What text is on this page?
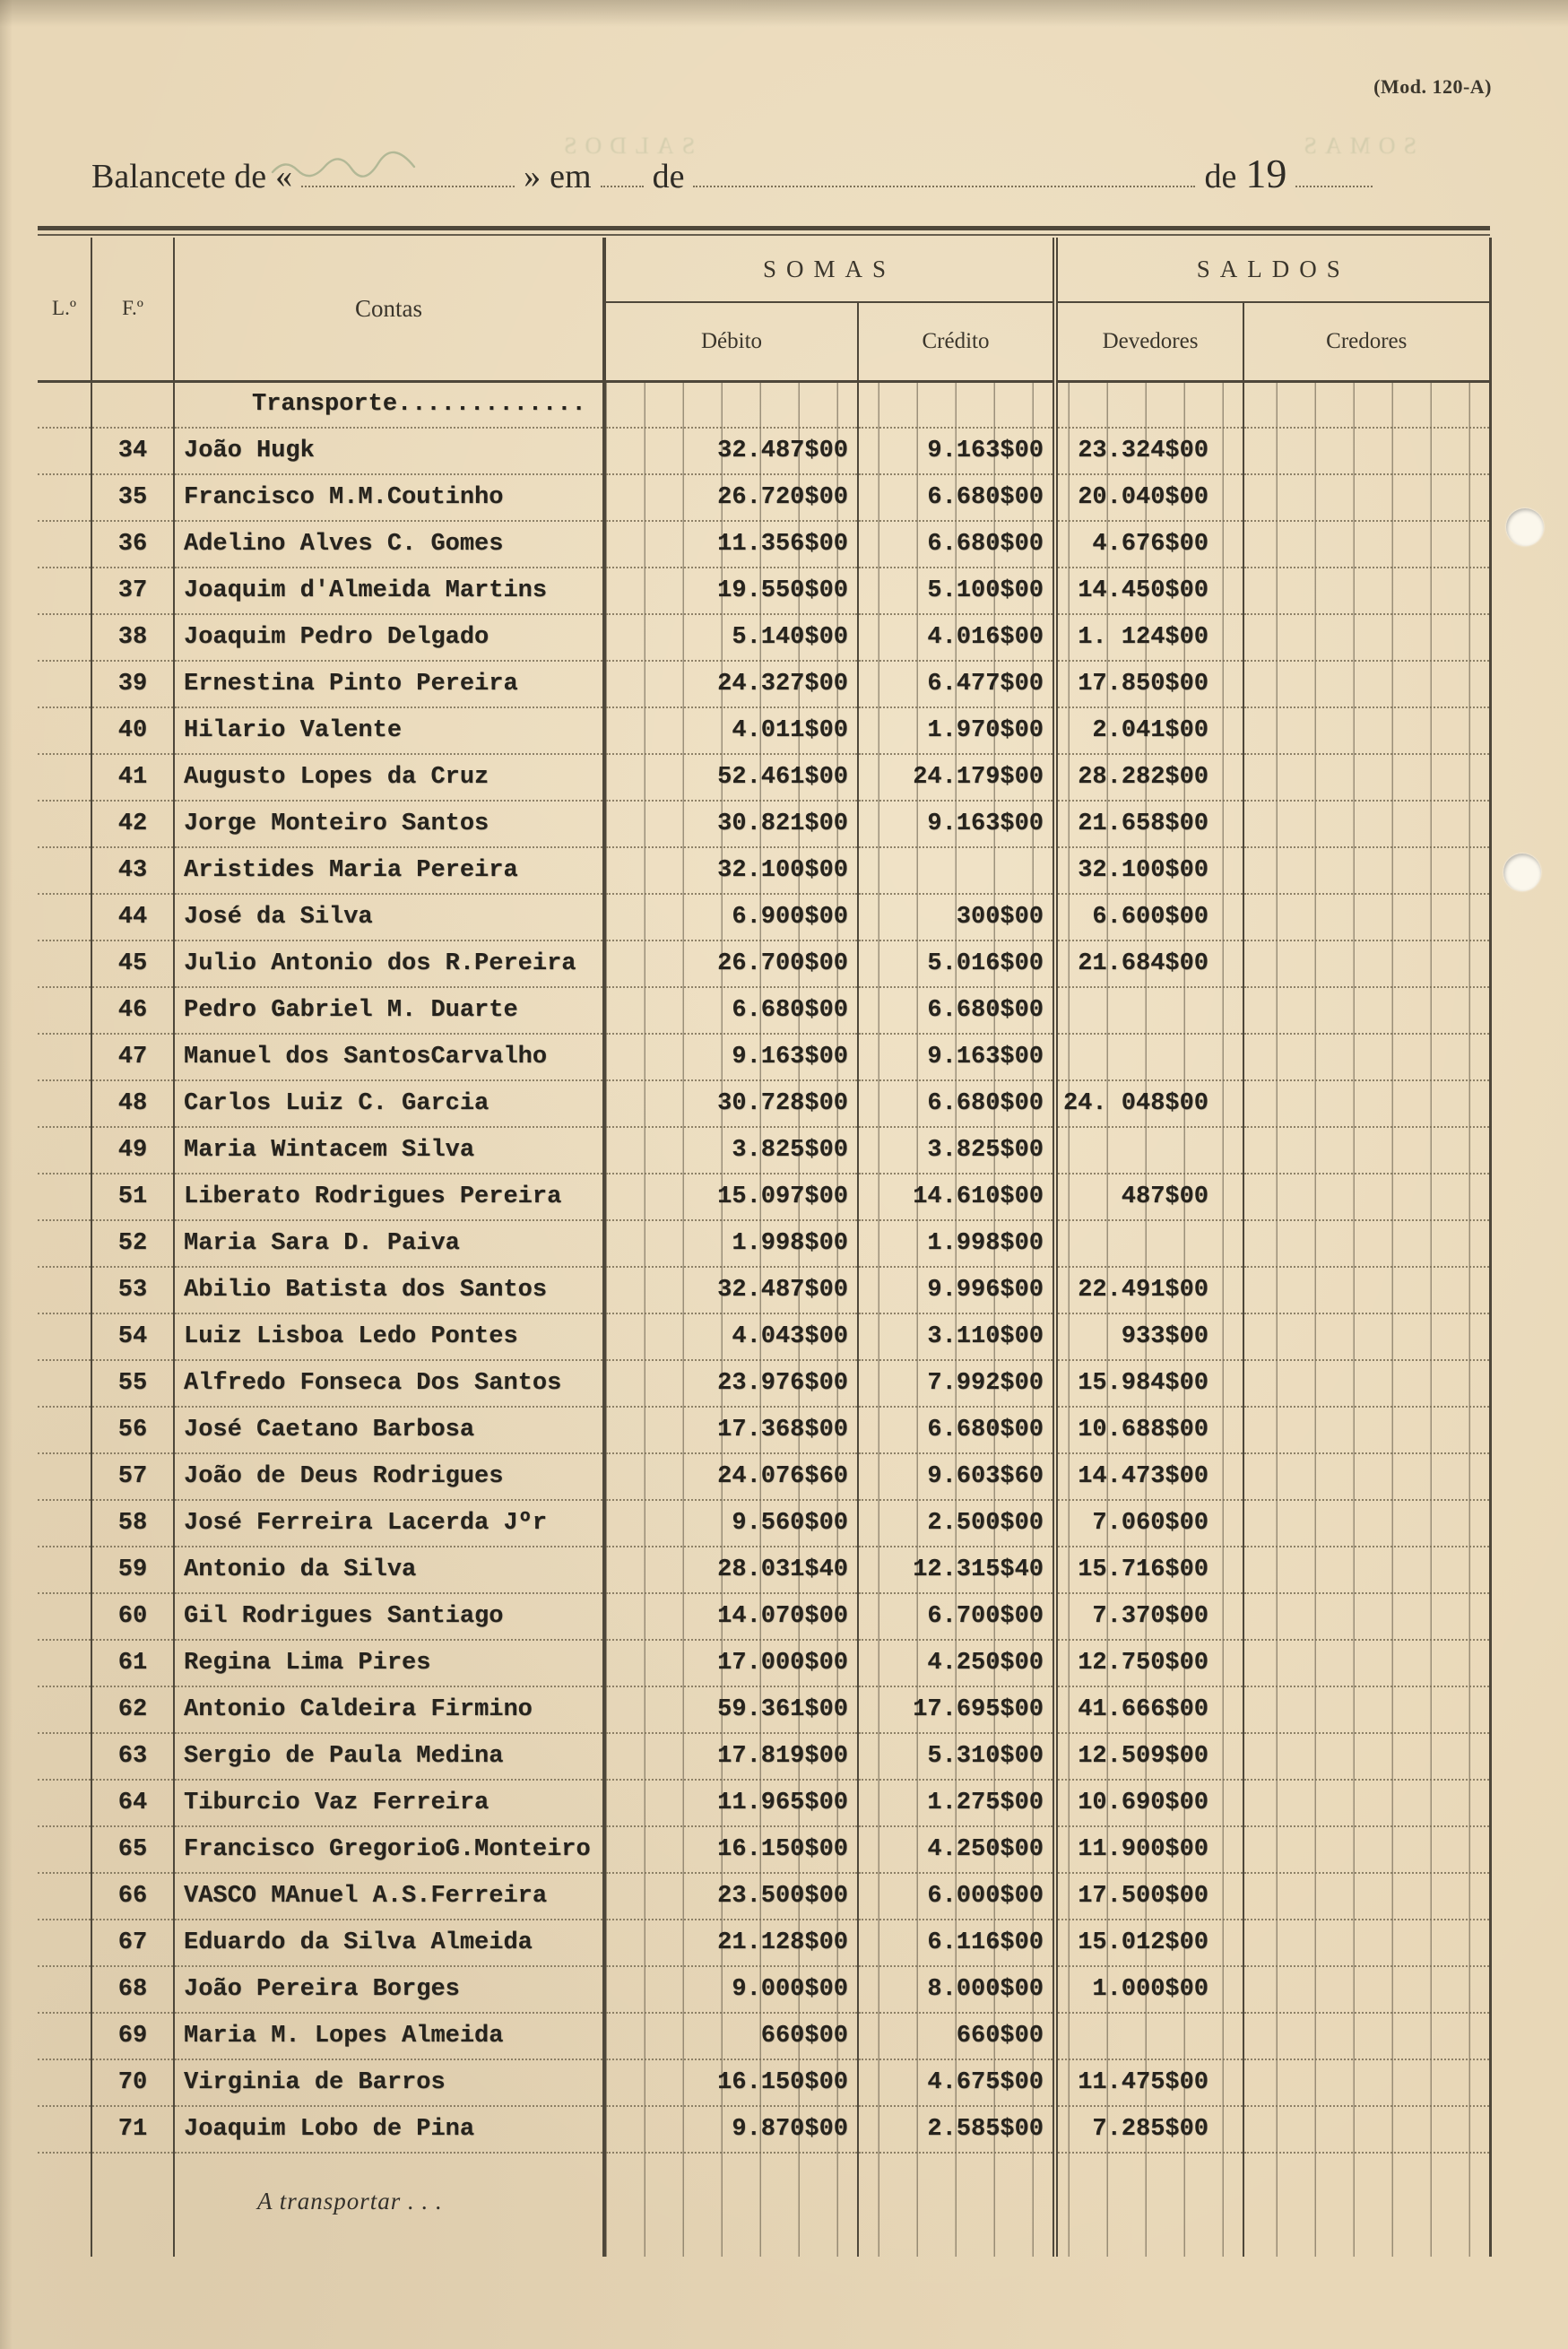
(Mod. 120-A)
SOMAS
SALDOS
Balancete de «	» em de	de 19
L.º	F.º	Contas	SOMAS		SALDOS	
			Débito	Crédito	Devedores	Credores
		Transporte.............				
	34	João Hugk	32.487$00	9.163$00	23.324$00	
	35	Francisco M.M.Coutinho	26.720$00	6.680$00	20.040$00	
	36	Adelino Alves C. Gomes	11.356$00	6.680$00	4.676$00	
	37	Joaquim d'Almeida Martins	19.550$00	5.100$00	14.450$00	
	38	Joaquim Pedro Delgado	5.140$00	4.016$00	1. 124$00	
	39	Ernestina Pinto Pereira	24.327$00	6.477$00	17.850$00	
	40	Hilario Valente	4.011$00	1.970$00	2.041$00	
	41	Augusto Lopes da Cruz	52.461$00	24.179$00	28.282$00	
	42	Jorge Monteiro Santos	30.821$00	9.163$00	21.658$00	
	43	Aristides Maria Pereira	32.100$00		32.100$00	
	44	José da Silva	6.900$00	300$00	6.600$00	
	45	Julio Antonio dos R.Pereira	26.700$00	5.016$00	21.684$00	
	46	Pedro Gabriel M. Duarte	6.680$00	6.680$00		
	47	Manuel dos SantosCarvalho	9.163$00	9.163$00		
	48	Carlos Luiz C. Garcia	30.728$00	6.680$00	24. 048$00	
	49	Maria Wintacem Silva	3.825$00	3.825$00		
	51	Liberato Rodrigues Pereira	15.097$00	14.610$00	487$00	
	52	Maria Sara D. Paiva	1.998$00	1.998$00		
	53	Abilio Batista dos Santos	32.487$00	9.996$00	22.491$00	
	54	Luiz Lisboa Ledo Pontes	4.043$00	3.110$00	933$00	
	55	Alfredo Fonseca Dos Santos	23.976$00	7.992$00	15.984$00	
	56	José Caetano Barbosa	17.368$00	6.680$00	10.688$00	
	57	João de Deus Rodrigues	24.076$60	9.603$60	14.473$00	
	58	José Ferreira Lacerda Jºr	9.560$00	2.500$00	7.060$00	
	59	Antonio da Silva	28.031$40	12.315$40	15.716$00	
	60	Gil Rodrigues Santiago	14.070$00	6.700$00	7.370$00	
	61	Regina Lima Pires	17.000$00	4.250$00	12.750$00	
	62	Antonio Caldeira Firmino	59.361$00	17.695$00	41.666$00	
	63	Sergio de Paula Medina	17.819$00	5.310$00	12.509$00	
	64	Tiburcio Vaz Ferreira	11.965$00	1.275$00	10.690$00	
	65	Francisco GregorioG.Monteiro	16.150$00	4.250$00	11.900$00	
	66	VASCO MAnuel A.S.Ferreira	23.500$00	6.000$00	17.500$00	
	67	Eduardo da Silva Almeida	21.128$00	6.116$00	15.012$00	
	68	João Pereira Borges	9.000$00	8.000$00	1.000$00	
	69	Maria M. Lopes Almeida	660$00	660$00		
	70	Virginia de Barros	16.150$00	4.675$00	11.475$00	
	71	Joaquim Lobo de Pina	9.870$00	2.585$00	7.285$00	
		A transportar . . .				
